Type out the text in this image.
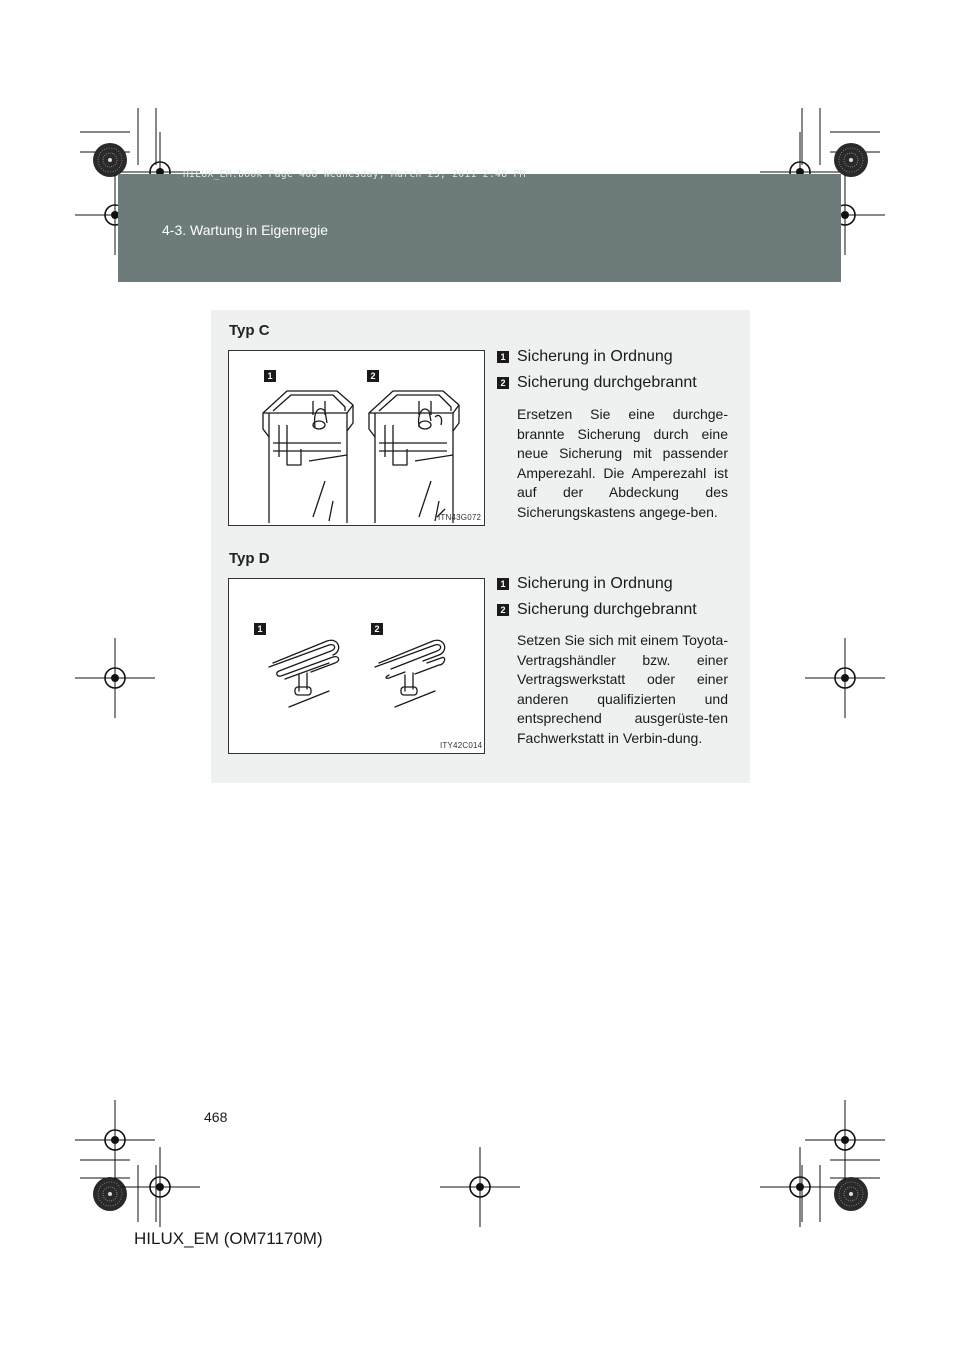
HILUX_EM.book Page 468 Wednesday, March 23, 2011 2:48 PM
4-3. Wartung in Eigenregie
Typ C
1	2
ITN43G072
1 Sicherung in Ordnung
2 Sicherung durchgebrannt
Ersetzen Sie eine durchge-brannte Sicherung durch eine neue Sicherung mit passender Amperezahl. Die Amperezahl ist auf der Abdeckung des Sicherungskastens angege-ben.
Typ D
1	2
ITY42C014
1 Sicherung in Ordnung
2 Sicherung durchgebrannt
Setzen Sie sich mit einem Toyota-Vertragshändler bzw. einer Vertragswerkstatt oder einer anderen qualifizierten und entsprechend ausgerüste-ten Fachwerkstatt in Verbin-dung.
468
HILUX_EM (OM71170M)
